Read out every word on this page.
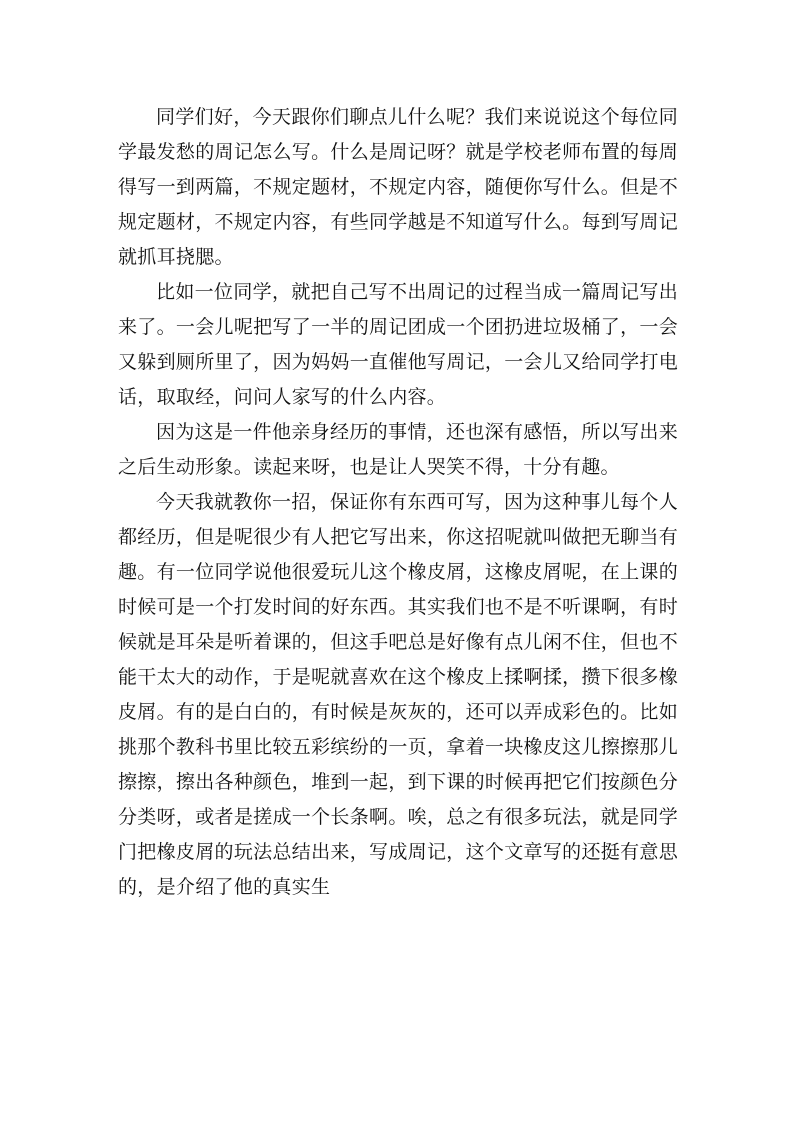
同学们好，今天跟你们聊点儿什么呢？我们来说说这个每位同学最发愁的周记怎么写。什么是周记呀？就是学校老师布置的每周得写一到两篇，不规定题材，不规定内容，随便你写什么。但是不规定题材，不规定内容，有些同学越是不知道写什么。每到写周记就抓耳挠腮。

比如一位同学，就把自己写不出周记的过程当成一篇周记写出来了。一会儿呢把写了一半的周记团成一个团扔进垃圾桶了，一会又躲到厕所里了，因为妈妈一直催他写周记，一会儿又给同学打电话，取取经，问问人家写的什么内容。

因为这是一件他亲身经历的事情，还也深有感悟，所以写出来之后生动形象。读起来呀，也是让人哭笑不得，十分有趣。

今天我就教你一招，保证你有东西可写，因为这种事儿每个人都经历，但是呢很少有人把它写出来，你这招呢就叫做把无聊当有趣。有一位同学说他很爱玩儿这个橡皮屑，这橡皮屑呢，在上课的时候可是一个打发时间的好东西。其实我们也不是不听课啊，有时候就是耳朵是听着课的，但这手吧总是好像有点儿闲不住，但也不能干太大的动作，于是呢就喜欢在这个橡皮上揉啊揉，攒下很多橡皮屑。有的是白白的，有时候是灰灰的，还可以弄成彩色的。比如挑那个教科书里比较五彩缤纷的一页，拿着一块橡皮这儿擦擦那儿擦擦，擦出各种颜色，堆到一起，到下课的时候再把它们按颜色分分类呀，或者是搓成一个长条啊。唉，总之有很多玩法，就是同学门把橡皮屑的玩法总结出来，写成周记，这个文章写的还挺有意思的，是介绍了他的真实生
